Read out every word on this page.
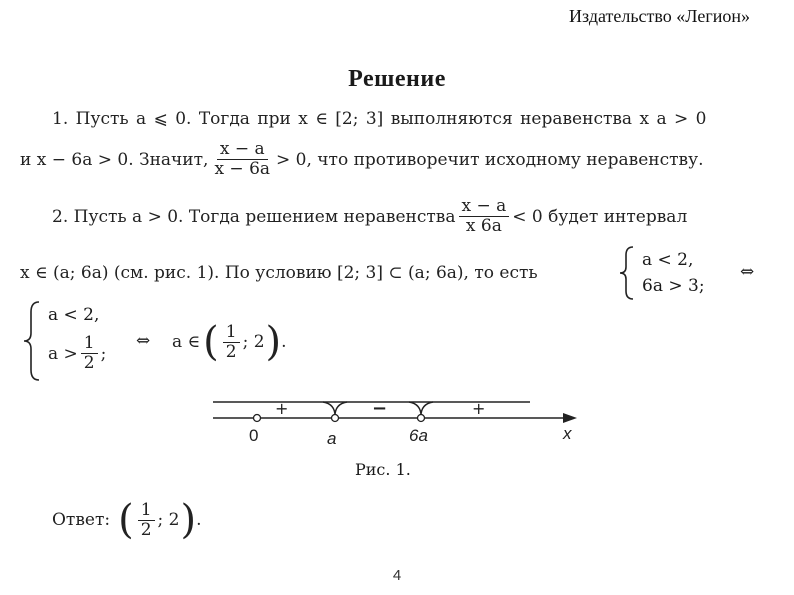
Издательство «Легион»
Решение
1. Пусть a ⩽ 0. Тогда при x ∈ [2; 3] выполняются неравенства x a > 0
и x − 6a > 0. Значит, $\frac{x - a}{x - 6a} > 0$, что противоречит исходному неравенству.
2. Пусть a > 0. Тогда решением неравенства $\frac{x - a}{x 6a} < 0$ будет интервал
x ∈ (a; 6a) (см. рис. 1). По условию [2; 3] ⊂ (a; 6a), то есть
a < 2,
6a > 3;
⇔
a < 2,
$a > \frac{1}{2}$ ;
⇔ a ∈ ( $\frac{1}{2}$ ; 2 ) .
+	−	+
0	a	6a	x
Рис. 1.
Ответ: ( $\frac{1}{2}$ ; 2 ) .
4
